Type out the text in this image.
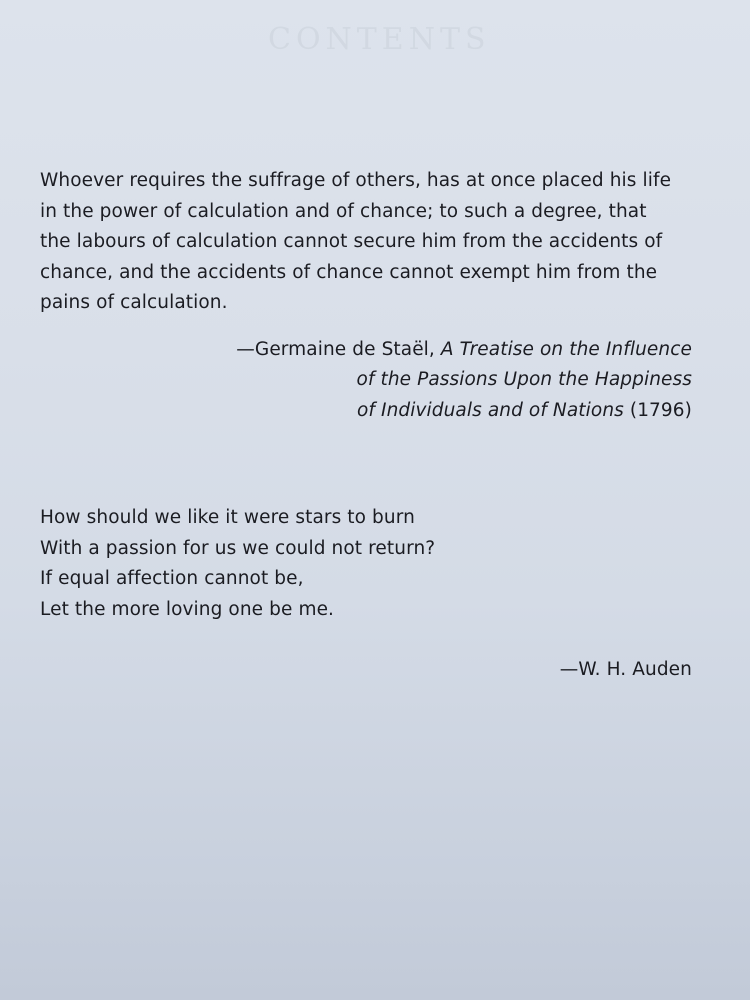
CONTENTS

Whoever requires the suffrage of others, has at once placed his life

in the power of calculation and of chance; to such a degree, that

the labours of calculation cannot secure him from the accidents of

chance, and the accidents of chance cannot exempt him from the

pains of calculation.

—Germaine de Staël, A Treatise on the Influence
of the Passions Upon the Happiness
of Individuals and of Nations (1796)
How should we like it were stars to burn
With a passion for us we could not return?
If equal affection cannot be,
Let the more loving one be me.
—W. H. Auden
